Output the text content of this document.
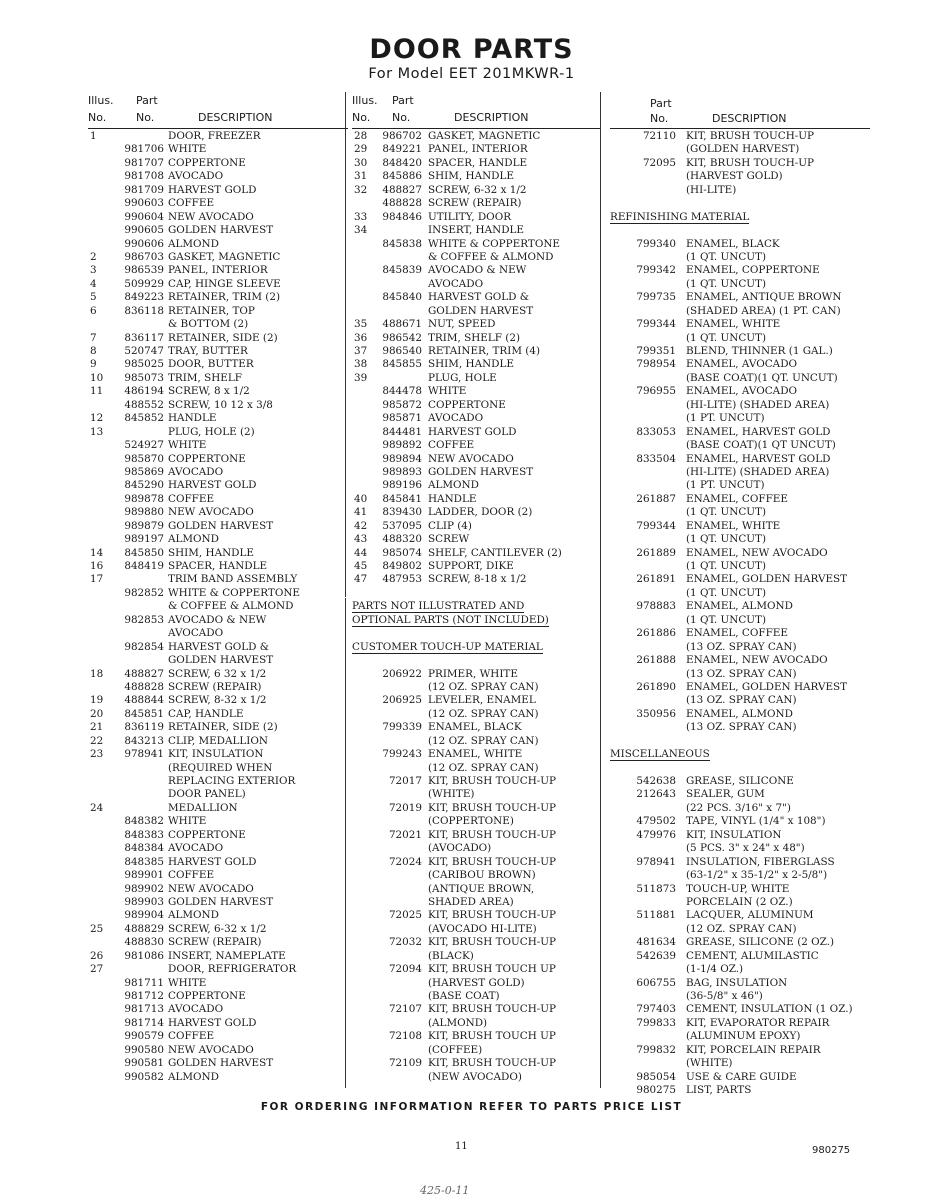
DOOR PARTS
For Model EET 201MKWR-1
Illus. Part
No.	No.	DESCRIPTION
1	DOOR, FREEZER
981706 WHITE
981707 COPPERTONE
981708 AVOCADO
981709 HARVEST GOLD
990603 COFFEE
990604 NEW AVOCADO
990605 GOLDEN HARVEST
990606 ALMOND
2	986703 GASKET, MAGNETIC
3	986539 PANEL, INTERIOR
4	509929 CAP, HINGE SLEEVE
5	849223 RETAINER, TRIM (2)
6	836118 RETAINER, TOP
& BOTTOM (2)
7	836117 RETAINER, SIDE (2)
8	520747 TRAY, BUTTER
9	985025 DOOR, BUTTER
10	985073 TRIM, SHELF
11	486194 SCREW, 8 x 1/2
488552 SCREW, 10 12 x 3/8
12	845852 HANDLE
13	PLUG, HOLE (2)
524927 WHITE
985870 COPPERTONE
985869 AVOCADO
845290 HARVEST GOLD
989878 COFFEE
989880 NEW AVOCADO
989879 GOLDEN HARVEST
989197 ALMOND
14	845850 SHIM, HANDLE
16	848419 SPACER, HANDLE
17	TRIM BAND ASSEMBLY
982852 WHITE & COPPERTONE
& COFFEE & ALMOND
982853 AVOCADO & NEW
AVOCADO
982854 HARVEST GOLD &
GOLDEN HARVEST
18	488827 SCREW, 6 32 x 1/2
488828 SCREW (REPAIR)
19	488844 SCREW, 8-32 x 1/2
20	845851 CAP, HANDLE
21	836119 RETAINER, SIDE (2)
22	843213 CLIP, MEDALLION
23	978941 KIT, INSULATION
(REQUIRED WHEN
REPLACING EXTERIOR
DOOR PANEL)
24	MEDALLION
848382 WHITE
848383 COPPERTONE
848384 AVOCADO
848385 HARVEST GOLD
989901 COFFEE
989902 NEW AVOCADO
989903 GOLDEN HARVEST
989904 ALMOND
25	488829 SCREW, 6-32 x 1/2
488830 SCREW (REPAIR)
26	981086 INSERT, NAMEPLATE
27	DOOR, REFRIGERATOR
981711 WHITE
981712 COPPERTONE
981713 AVOCADO
981714 HARVEST GOLD
990579 COFFEE
990580 NEW AVOCADO
990581 GOLDEN HARVEST
990582 ALMOND
Illus. Part
No. No.	DESCRIPTION
28	986702 GASKET, MAGNETIC
29	849221 PANEL, INTERIOR
30	848420 SPACER, HANDLE
31	845886 SHIM, HANDLE
32	488827 SCREW, 6-32 x 1/2
488828 SCREW (REPAIR)
33	984846 UTILITY, DOOR
34	INSERT, HANDLE
845838 WHITE & COPPERTONE
& COFFEE & ALMOND
845839 AVOCADO & NEW
AVOCADO
845840 HARVEST GOLD &
GOLDEN HARVEST
35	488671 NUT, SPEED
36	986542 TRIM, SHELF (2)
37	986540 RETAINER, TRIM (4)
38	845855 SHIM, HANDLE
39	PLUG, HOLE
844478 WHITE
985872 COPPERTONE
985871 AVOCADO
844481 HARVEST GOLD
989892 COFFEE
989894 NEW AVOCADO
989893 GOLDEN HARVEST
989196 ALMOND
40	845841 HANDLE
41	839430 LADDER, DOOR (2)
42	537095 CLIP (4)
43	488320 SCREW
44	985074 SHELF, CANTILEVER (2)
45	849802 SUPPORT, DIKE
47	487953 SCREW, 8-18 x 1/2
PARTS NOT ILLUSTRATED AND
OPTIONAL PARTS (NOT INCLUDED)
CUSTOMER TOUCH-UP MATERIAL
206922 PRIMER, WHITE
(12 OZ. SPRAY CAN)
206925 LEVELER, ENAMEL
(12 OZ. SPRAY CAN)
799339 ENAMEL, BLACK
(12 OZ. SPRAY CAN)
799243 ENAMEL, WHITE
(12 OZ. SPRAY CAN)
72017 KIT, BRUSH TOUCH-UP
(WHITE)
72019 KIT, BRUSH TOUCH-UP
(COPPERTONE)
72021 KIT, BRUSH TOUCH-UP
(AVOCADO)
72024 KIT, BRUSH TOUCH-UP
(CARIBOU BROWN)
(ANTIQUE BROWN,
SHADED AREA)
72025 KIT, BRUSH TOUCH-UP
(AVOCADO HI-LITE)
72032 KIT, BRUSH TOUCH-UP
(BLACK)
72094 KIT, BRUSH TOUCH UP
(HARVEST GOLD)
(BASE COAT)
72107 KIT, BRUSH TOUCH-UP
(ALMOND)
72108 KIT, BRUSH TOUCH UP
(COFFEE)
72109 KIT, BRUSH TOUCH-UP
(NEW AVOCADO)
Part
No.	DESCRIPTION
72110 KIT, BRUSH TOUCH-UP
(GOLDEN HARVEST)
72095 KIT, BRUSH TOUCH-UP
(HARVEST GOLD)
(HI-LITE)
REFINISHING MATERIAL
799340 ENAMEL, BLACK
(1 QT. UNCUT)
799342 ENAMEL, COPPERTONE
(1 QT. UNCUT)
799735 ENAMEL, ANTIQUE BROWN
(SHADED AREA) (1 PT. CAN)
799344 ENAMEL, WHITE
(1 QT. UNCUT)
799351 BLEND, THINNER (1 GAL.)
798954 ENAMEL, AVOCADO
(BASE COAT)(1 QT. UNCUT)
796955 ENAMEL, AVOCADO
(HI-LITE) (SHADED AREA)
(1 PT. UNCUT)
833053 ENAMEL, HARVEST GOLD
(BASE COAT)(1 QT UNCUT)
833504 ENAMEL, HARVEST GOLD
(HI-LITE) (SHADED AREA)
(1 PT. UNCUT)
261887 ENAMEL, COFFEE
(1 QT. UNCUT)
799344 ENAMEL, WHITE
(1 QT. UNCUT)
261889 ENAMEL, NEW AVOCADO
(1 QT. UNCUT)
261891 ENAMEL, GOLDEN HARVEST
(1 QT. UNCUT)
978883 ENAMEL, ALMOND
(1 QT. UNCUT)
261886 ENAMEL, COFFEE
(13 OZ. SPRAY CAN)
261888 ENAMEL, NEW AVOCADO
(13 OZ. SPRAY CAN)
261890 ENAMEL, GOLDEN HARVEST
(13 OZ. SPRAY CAN)
350956 ENAMEL, ALMOND
(13 OZ. SPRAY CAN)
MISCELLANEOUS
542638 GREASE, SILICONE
212643 SEALER, GUM
(22 PCS. 3/16" x 7")
479502 TAPE, VINYL (1/4" x 108")
479976 KIT, INSULATION
(5 PCS. 3" x 24" x 48")
978941 INSULATION, FIBERGLASS
(63-1/2" x 35-1/2" x 2-5/8")
511873 TOUCH-UP, WHITE
PORCELAIN (2 OZ.)
511881 LACQUER, ALUMINUM
(12 OZ. SPRAY CAN)
481634 GREASE, SILICONE (2 OZ.)
542639 CEMENT, ALUMILASTIC
(1-1/4 OZ.)
606755 BAG, INSULATION
(36-5/8" x 46")
797403 CEMENT, INSULATION (1 OZ.)
799833 KIT, EVAPORATOR REPAIR
(ALUMINUM EPOXY)
799832 KIT, PORCELAIN REPAIR
(WHITE)
985054 USE & CARE GUIDE
980275 LIST, PARTS
FOR ORDERING INFORMATION REFER TO PARTS PRICE LIST
11	980275
425-0-11
